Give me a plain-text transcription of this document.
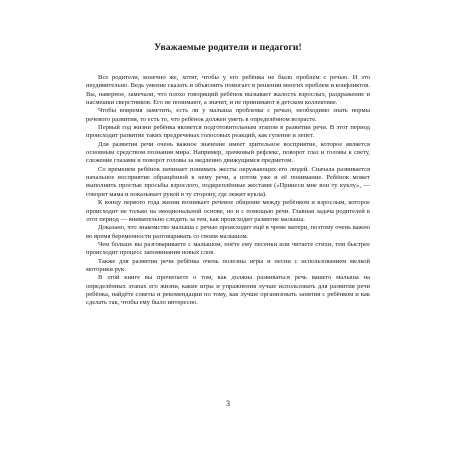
Уважаемые родители и педагоги!

Все родители, конечно же, хотят, чтобы у его ребёнка не было проблем с речью. И это неудивительно. Ведь умение сказать и объяснить помогает в решении многих проблем и конфликтов. Вы, наверное, замечали, что плохо говорящий ребёнок вызывает жалость взрослых, раздражение и насмешки сверстников. Его не понимают, а значит, и не принимают в детском коллективе.

Чтобы вовремя заметить, есть ли у малыша проблемы с речью, необходимо знать нормы речевого развития, то есть то, что ребёнок должен уметь в определённом возрасте.

Первый год жизни ребёнка является подготовительным этапом в развитии речи. В этот период происходит развитие таких предречевых голосовых реакций, как гуление и лепет.

Для развития речи очень важное значение имеет зрительное восприятие, которое является основным средством познания мира. Например, зрачковый рефлекс, поворот глаз и головы к свету, слежение глазами и поворот головы за медленно движущимся предметом.

Со временем ребёнок начинает понимать жесты окружающих его людей. Сначала развивается начальное восприятие обращённой к нему речи, а потом уже и её понимание. Ребёнок может выполнить простые просьбы взрослого, подкреплённые жестами («Принеси мне вон ту куклу», — говорит мама и показывает рукой в ту сторону, где лежит кукла).

К концу первого года жизни возникает речевое общение между ребёнком и взрослым, которое происходит не только на эмоциональной основе, но и с помощью речи. Главная задача родителей в этот период — внимательно следить за тем, как происходит развитие малыша.

Доказано, что знакомство малыша с речью происходит ещё в чреве матери, поэтому очень важно во время беременности разговаривать со своим малышом.

Чем больше вы разговариваете с малышом, поёте ему песенки или читаете стихи, тем быстрее происходит процесс запоминания новых слов.

Также для развития речи ребёнка очень полезны игры и песни с использованием мелкой моторики рук.

В этой книге вы прочитаете о том, как должна развиваться речь вашего малыша на определённых этапах его жизни, какие игры и упражнения лучше использовать для развития речи ребёнка, найдёте советы и рекомендации по тому, как лучше организовать занятия с ребёнком и как сделать так, чтобы ему было интересно.

3
